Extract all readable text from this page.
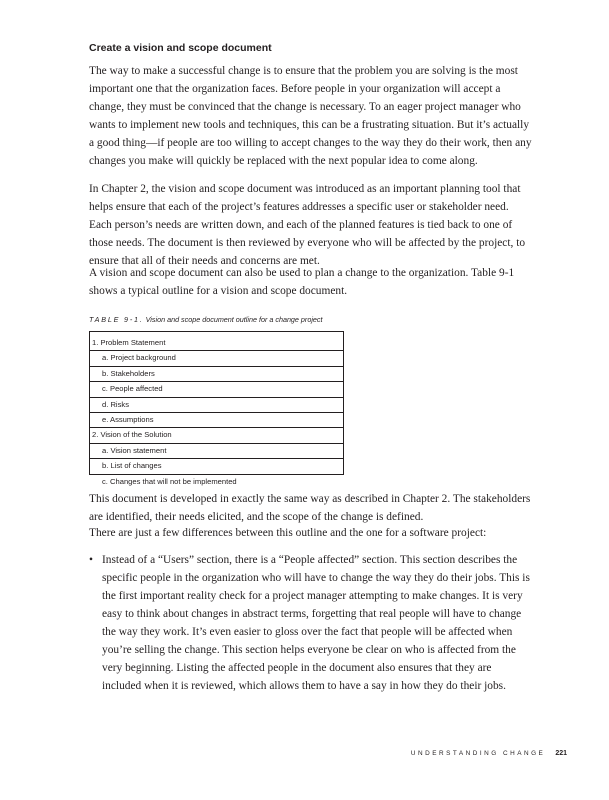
Create a vision and scope document

The way to make a successful change is to ensure that the problem you are solving is the most important one that the organization faces. Before people in your organization will accept a change, they must be convinced that the change is necessary. To an eager project manager who wants to implement new tools and techniques, this can be a frustrating situation. But it’s actually a good thing—if people are too willing to accept changes to the way they do their work, then any changes you make will quickly be replaced with the next popular idea to come along.

In Chapter 2, the vision and scope document was introduced as an important planning tool that helps ensure that each of the project’s features addresses a specific user or stakeholder need. Each person’s needs are written down, and each of the planned features is tied back to one of those needs. The document is then reviewed by everyone who will be affected by the project, to ensure that all of their needs and concerns are met.

A vision and scope document can also be used to plan a change to the organization. Table 9-1 shows a typical outline for a vision and scope document.

TABLE 9-1. Vision and scope document outline for a change project
1. Problem Statement
a. Project background
b. Stakeholders
c. People affected
d. Risks
e. Assumptions
2. Vision of the Solution
a. Vision statement
b. List of changes
c. Changes that will not be implemented

This document is developed in exactly the same way as described in Chapter 2. The stakeholders are identified, their needs elicited, and the scope of the change is defined.

There are just a few differences between this outline and the one for a software project:

• Instead of a “Users” section, there is a “People affected” section. This section describes the specific people in the organization who will have to change the way they do their jobs. This is the first important reality check for a project manager attempting to make changes. It is very easy to think about changes in abstract terms, forgetting that real people will have to change the way they work. It’s even easier to gloss over the fact that people will be affected when you’re selling the change. This section helps everyone be clear on who is affected from the very beginning. Listing the affected people in the document also ensures that they are included when it is reviewed, which allows them to have a say in how they do their jobs.
UNDERSTANDING CHANGE 221
